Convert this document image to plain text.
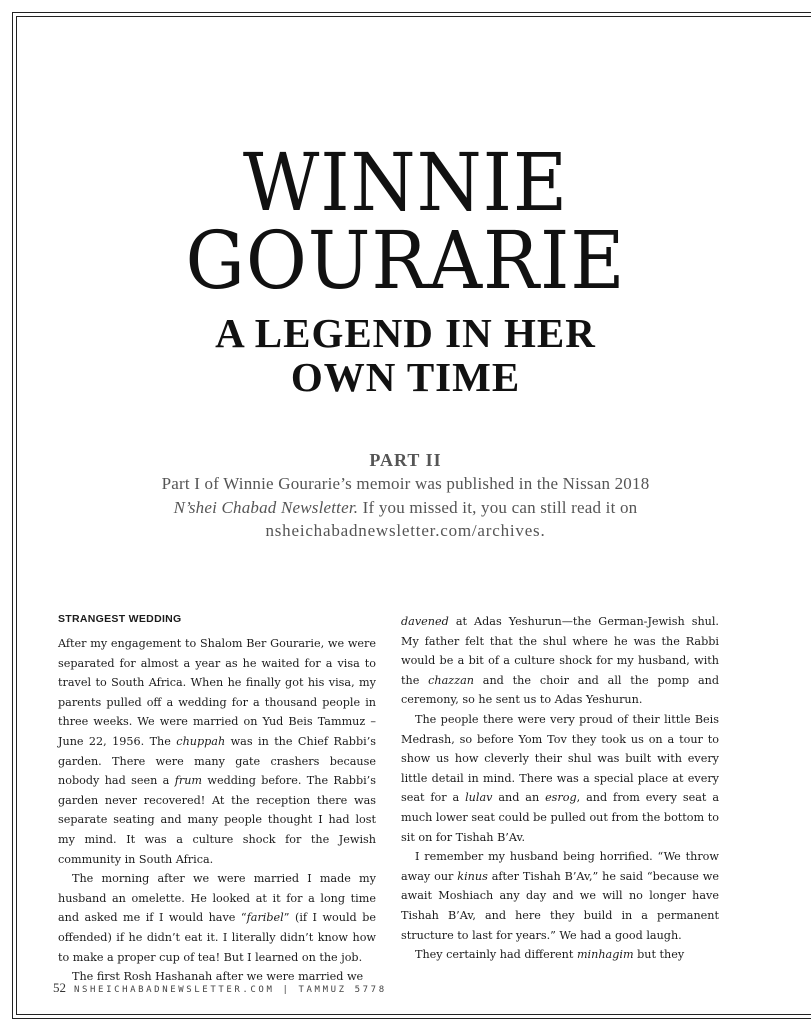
WINNIE
GOURARIE
A LEGEND IN HER
OWN TIME
PART II
Part I of Winnie Gourarie’s memoir was published in the Nissan 2018
N’shei Chabad Newsletter. If you missed it, you can still read it on
nsheichabadnewsletter.com/archives.
STRANGEST WEDDING

After my engagement to Shalom Ber Gourarie, we were separated for almost a year as he waited for a visa to travel to South Africa. When he finally got his visa, my parents pulled off a wedding for a thousand people in three weeks. We were married on Yud Beis Tammuz – June 22, 1956. The chuppah was in the Chief Rabbi’s garden. There were many gate crashers because nobody had seen a frum wedding before. The Rabbi’s garden never recovered! At the reception there was separate seating and many people thought I had lost my mind. It was a culture shock for the Jewish community in South Africa.

The morning after we were married I made my husband an omelette. He looked at it for a long time and asked me if I would have “faribel” (if I would be offended) if he didn’t eat it. I literally didn’t know how to make a proper cup of tea! But I learned on the job.

The first Rosh Hashanah after we were married we

davened at Adas Yeshurun—the German-Jewish shul. My father felt that the shul where he was the Rabbi would be a bit of a culture shock for my husband, with the chazzan and the choir and all the pomp and ceremony, so he sent us to Adas Yeshurun.

The people there were very proud of their little Beis Medrash, so before Yom Tov they took us on a tour to show us how cleverly their shul was built with every little detail in mind. There was a special place at every seat for a lulav and an esrog, and from every seat a much lower seat could be pulled out from the bottom to sit on for Tishah B’Av.

I remember my husband being horrified. “We throw away our kinus after Tishah B’Av,” he said “because we await Moshiach any day and we will no longer have Tishah B’Av, and here they build in a permanent structure to last for years.” We had a good laugh.

They certainly had different minhagim but they

52 NSHEICHABADNEWSLETTER.COM | TAMMUZ 5778
